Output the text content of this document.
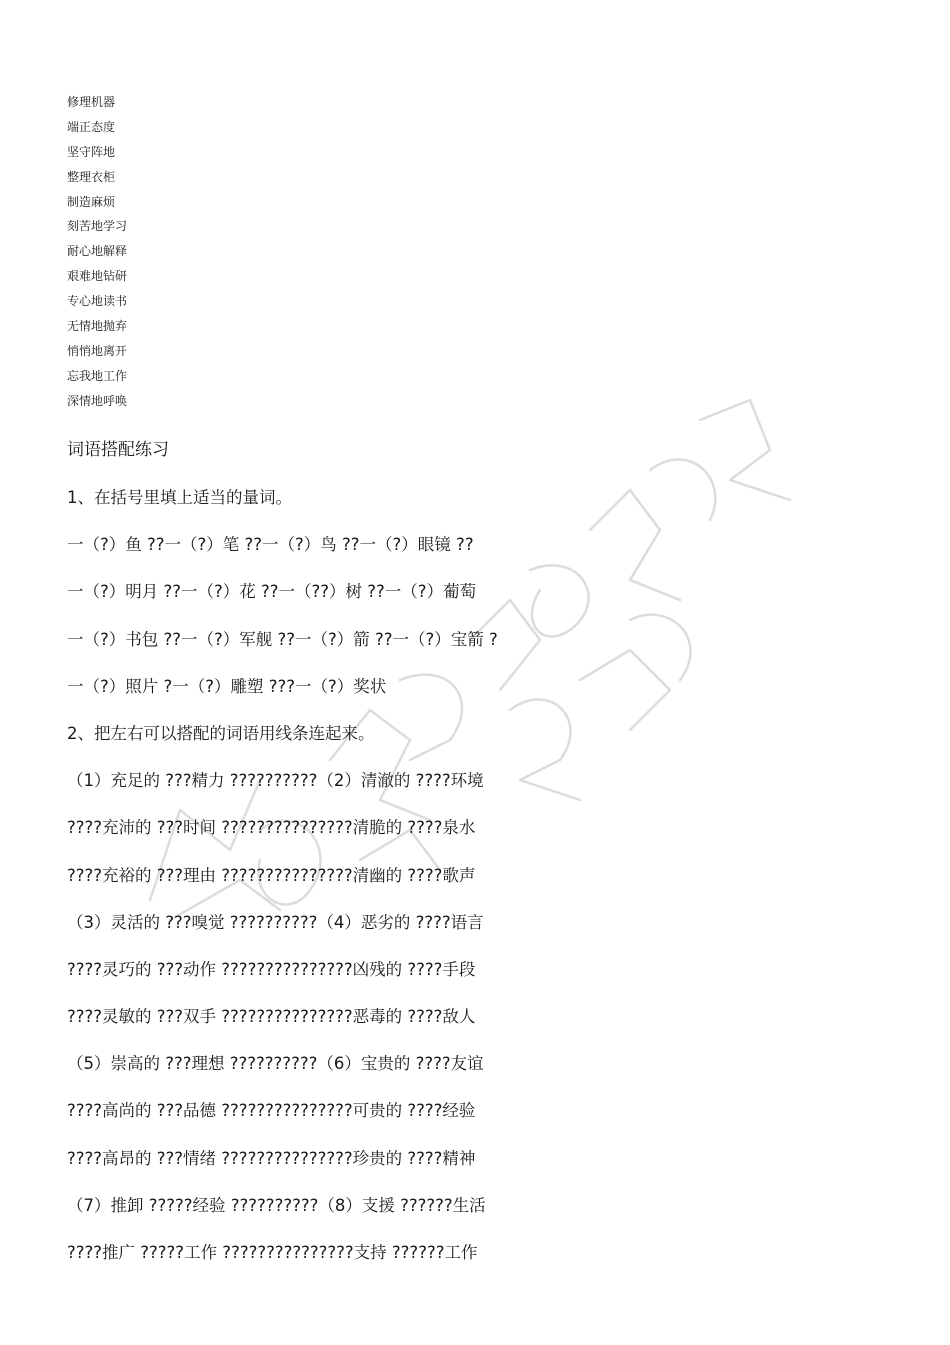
修理机器
端正态度
坚守阵地
整理衣柜
制造麻烦
刻苦地学习
耐心地解释
艰难地钻研
专心地读书
无情地抛弃
悄悄地离开
忘我地工作
深情地呼唤
词语搭配练习
1、在括号里填上适当的量词。
一（?）鱼 ??一（?）笔 ??一（?）鸟 ??一（?）眼镜 ??
一（?）明月 ??一（?）花 ??一（??）树 ??一（?）葡萄
一（?）书包 ??一（?）军舰 ??一（?）箭 ??一（?）宝箭 ?
一（?）照片 ?一（?）雕塑 ???一（?）奖状
2、把左右可以搭配的词语用线条连起来。
（1）充足的 ???精力 ??????????（2）清澈的 ????环境
????充沛的 ???时间 ???????????????清脆的 ????泉水
????充裕的 ???理由 ???????????????清幽的 ????歌声
（3）灵活的 ???嗅觉 ??????????（4）恶劣的 ????语言
????灵巧的 ???动作 ???????????????凶残的 ????手段
????灵敏的 ???双手 ???????????????恶毒的 ????敌人
（5）崇高的 ???理想 ??????????（6）宝贵的 ????友谊
????高尚的 ???品德 ???????????????可贵的 ????经验
????高昂的 ???情绪 ???????????????珍贵的 ????精神
（7）推卸 ?????经验 ??????????（8）支援 ??????生活
????推广 ?????工作 ???????????????支持 ??????工作
